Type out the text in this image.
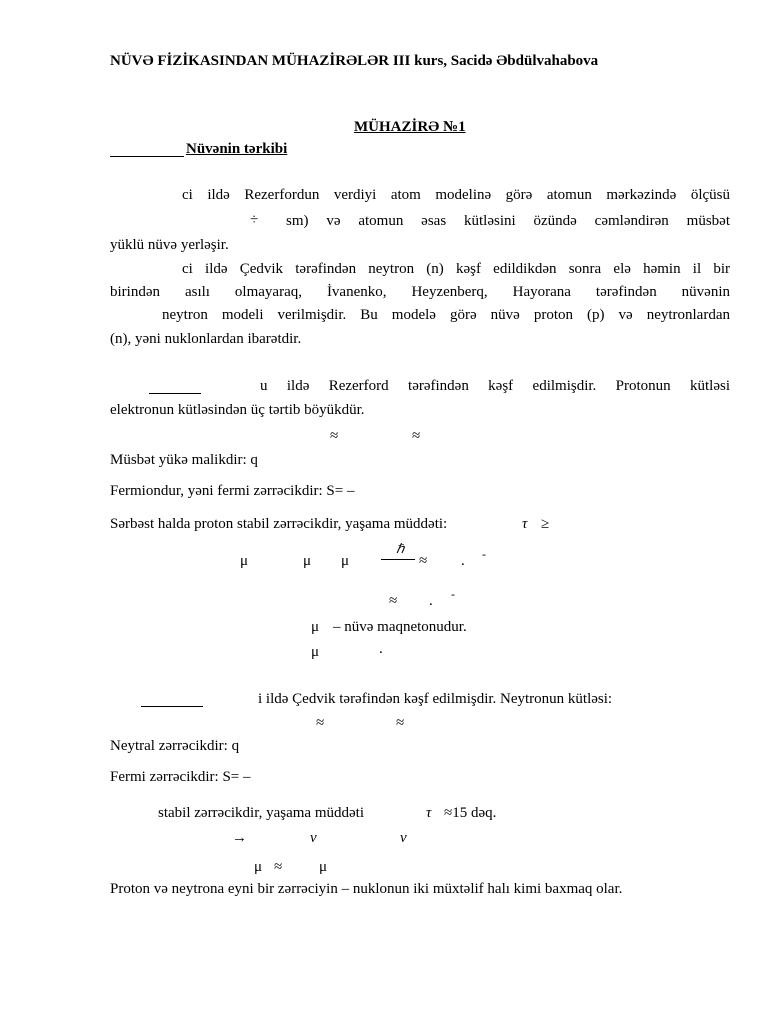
NÜVƏ FİZİKASINDAN MÜHAZİRƏLƏR III kurs, Sacidə Əbdülvahabova
MÜHAZİRƏ №1
Nüvənin tərkibi
ci ildə Rezerfordun verdiyi atom modelinə görə atomun mərkəzində ölçüsü
÷ sm) və atomun əsas kütləsini özündə cəmləndirən müsbət
yüklü nüvə yerləşir.
ci ildə Çedvik tərəfindən neytron (n) kəşf edildikdən sonra elə həmin il bir
birindən asılı olmayaraq, İvanenko, Heyzenberq, Hayorana tərəfindən nüvənin
neytron modeli verilmişdir. Bu modelə görə nüvə proton (p) və neytronlardan
(n), yəni nuklonlardan ibarətdir.
u ildə Rezerford tərəfindən kəşf edilmişdir. Protonun kütləsi
elektronun kütləsindən üç tərtib böyükdür.
≈	≈
Müsbət yükə malikdir: q
Fermiondur, yəni fermi zərrəcikdir: S= –
Sərbəst halda proton stabil zərrəcikdir, yaşama müddəti:	τ ≥
μ	μ μ
ℏ
≈ . -
≈ . -
μ – nüvə maqnetonudur.
μ	.
i ildə Çedvik tərəfindən kəşf edilmişdir. Neytronun kütləsi:
≈	≈
Neytral zərrəcikdir: q
Fermi zərrəcikdir: S= –
stabil zərrəcikdir, yaşama müddəti	τ ≈15 dəq.
→	ν	ν
μ ≈ μ
Proton və neytrona eyni bir zərrəciyin – nuklonun iki müxtəlif halı kimi baxmaq olar.
